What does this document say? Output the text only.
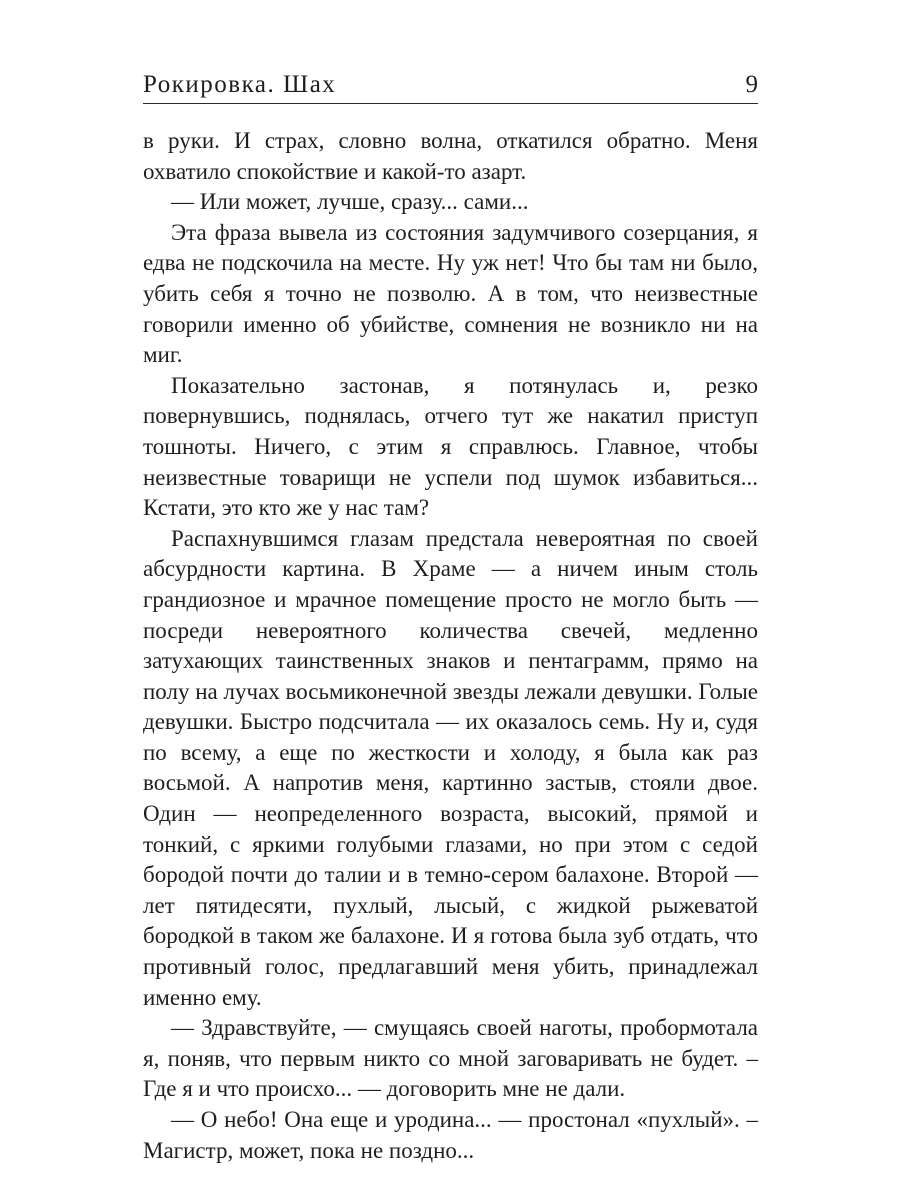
Рокировка. Шах	9

в руки. И страх, словно волна, откатился обратно. Меня охватило спокойствие и какой-то азарт.

— Или может, лучше, сразу... сами...

Эта фраза вывела из состояния задумчивого созерцания, я едва не подскочила на месте. Ну уж нет! Что бы там ни было, убить себя я точно не позволю. А в том, что неизвестные говорили именно об убийстве, сомнения не возникло ни на миг.

Показательно застонав, я потянулась и, резко повернувшись, поднялась, отчего тут же накатил приступ тошноты. Ничего, с этим я справлюсь. Главное, чтобы неизвестные товарищи не успели под шумок избавиться... Кстати, это кто же у нас там?

Распахнувшимся глазам предстала невероятная по своей абсурдности картина. В Храме — а ничем иным столь грандиозное и мрачное помещение просто не могло быть — посреди невероятного количества свечей, медленно затухающих таинственных знаков и пентаграмм, прямо на полу на лучах восьмиконечной звезды лежали девушки. Голые девушки. Быстро подсчитала — их оказалось семь. Ну и, судя по всему, а еще по жесткости и холоду, я была как раз восьмой. А напротив меня, картинно застыв, стояли двое. Один — неопределенного возраста, высокий, прямой и тонкий, с яркими голубыми глазами, но при этом с седой бородой почти до талии и в темно-сером балахоне. Второй — лет пятидесяти, пухлый, лысый, с жидкой рыжеватой бородкой в таком же балахоне. И я готова была зуб отдать, что противный голос, предлагавший меня убить, принадлежал именно ему.

— Здравствуйте, — смущаясь своей наготы, пробормотала я, поняв, что первым никто со мной заговаривать не будет. – Где я и что происхо... — договорить мне не дали.

— О небо! Она еще и уродина... — простонал «пухлый». – Магистр, может, пока не поздно...
